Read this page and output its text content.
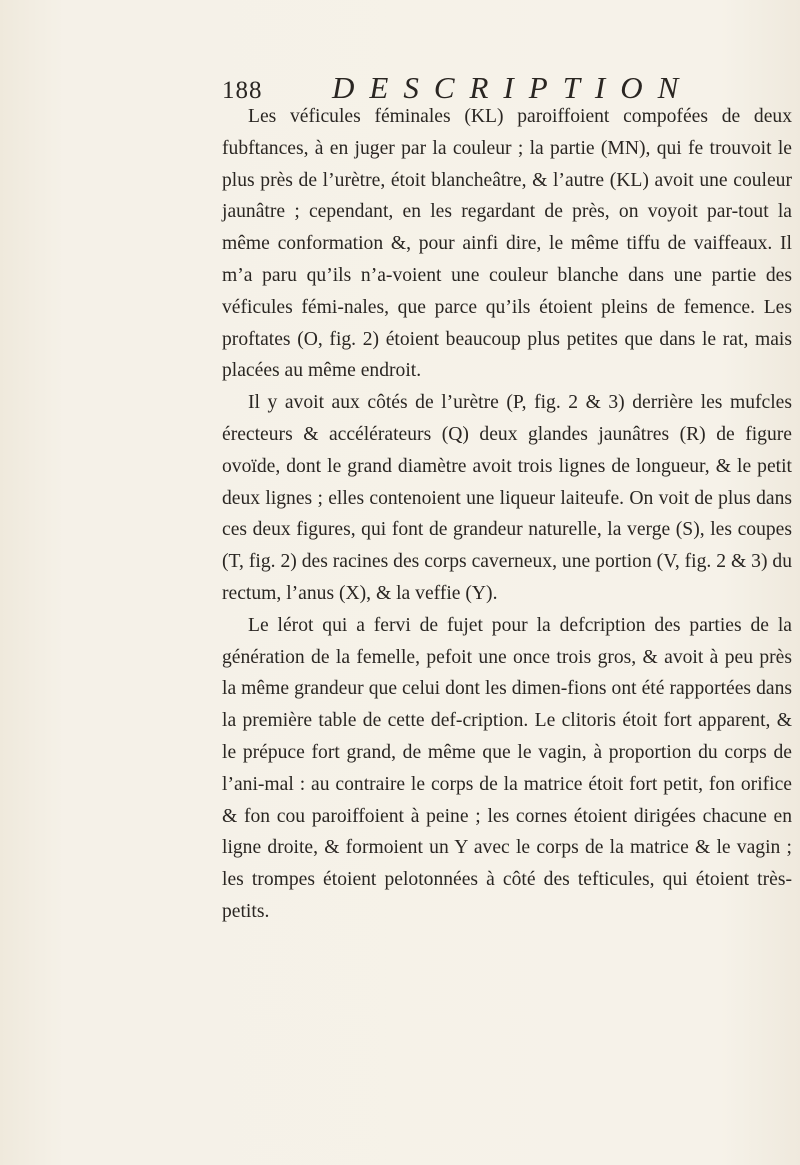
188	DESCRIPTION

Les véficules féminales (KL) paroiffoient compofées de deux fubftances, à en juger par la couleur ; la partie (MN), qui fe trouvoit le plus près de l’urètre, étoit blancheâtre, & l’autre (KL) avoit une couleur jaunâtre ; cependant, en les regardant de près, on voyoit par-tout la même conformation &, pour ainfi dire, le même tiffu de vaiffeaux. Il m’a paru qu’ils n’a-voient une couleur blanche dans une partie des véficules fémi-nales, que parce qu’ils étoient pleins de femence. Les proftates (O, fig. 2) étoient beaucoup plus petites que dans le rat, mais placées au même endroit.

Il y avoit aux côtés de l’urètre (P, fig. 2 & 3) derrière les mufcles érecteurs & accélérateurs (Q) deux glandes jaunâtres (R) de figure ovoïde, dont le grand diamètre avoit trois lignes de longueur, & le petit deux lignes ; elles contenoient une liqueur laiteufe. On voit de plus dans ces deux figures, qui font de grandeur naturelle, la verge (S), les coupes (T, fig. 2) des racines des corps caverneux, une portion (V, fig. 2 & 3) du rectum, l’anus (X), & la veffie (Y).

Le lérot qui a fervi de fujet pour la defcription des parties de la génération de la femelle, pefoit une once trois gros, & avoit à peu près la même grandeur que celui dont les dimen-fions ont été rapportées dans la première table de cette def-cription. Le clitoris étoit fort apparent, & le prépuce fort grand, de même que le vagin, à proportion du corps de l’ani-mal : au contraire le corps de la matrice étoit fort petit, fon orifice & fon cou paroiffoient à peine ; les cornes étoient dirigées chacune en ligne droite, & formoient un Y avec le corps de la matrice & le vagin ; les trompes étoient pelotonnées à côté des tefticules, qui étoient très-petits.
